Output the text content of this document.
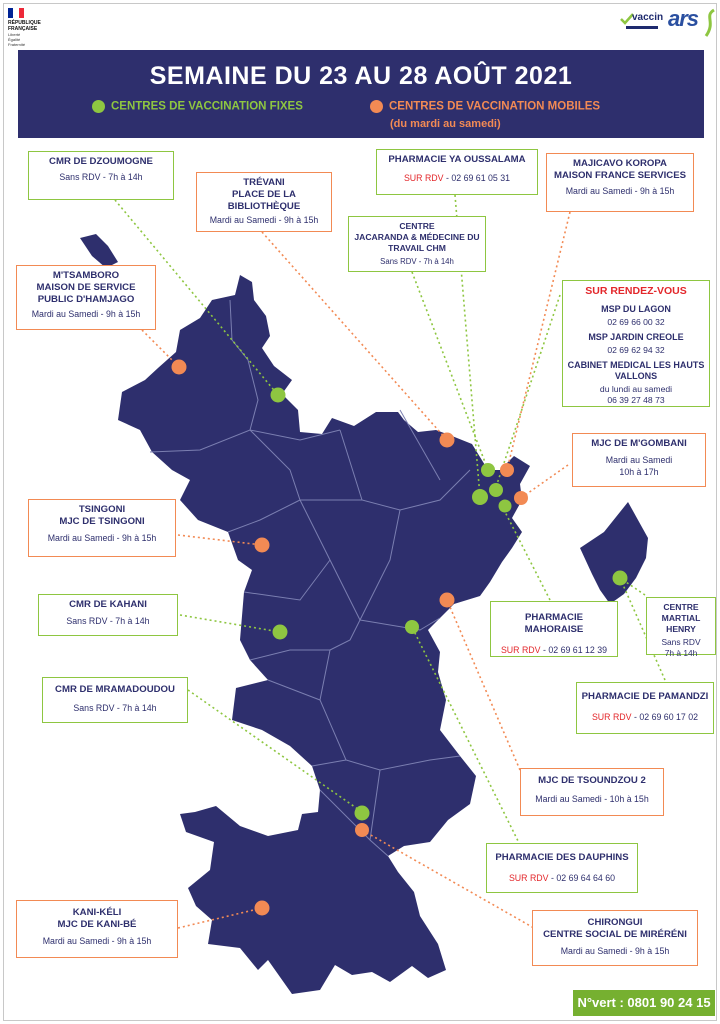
RÉPUBLIQUE
FRANÇAISE
Liberté
Égalité
Fraternité
vaccin ars
SEMAINE DU 23 AU 28 AOÛT 2021
CENTRES DE VACCINATION FIXES	CENTRES DE VACCINATION MOBILES
(du mardi au samedi)
CMR DE DZOUMOGNE
Sans RDV - 7h à 14h	TRÉVANI
PLACE DE LA
BIBLIOTHÈQUE
Mardi au Samedi - 9h à 15h
PHARMACIE YA OUSSALAMA
SUR RDV - 02 69 61 05 31
MAJICAVO KOROPA
MAISON FRANCE SERVICES
Mardi au Samedi - 9h à 15h
CENTRE
JACARANDA & MÉDECINE DU
TRAVAIL CHM
Sans RDV - 7h à 14h
M'TSAMBORO
MAISON DE SERVICE
PUBLIC D'HAMJAGO
Mardi au Samedi - 9h à 15h
SUR RENDEZ-VOUS
MSP DU LAGON
02 69 66 00 32
MSP JARDIN CREOLE
02 69 62 94 32
CABINET MEDICAL LES HAUTS
VALLONS
du lundi au samedi
06 39 27 48 73
MJC DE M'GOMBANI
Mardi au Samedi
10h à 17h
TSINGONI
MJC DE TSINGONI
Mardi au Samedi - 9h à 15h
CMR DE KAHANI
Sans RDV - 7h à 14h	PHARMACIE MAHORAISE
SUR RDV - 02 69 61 12 39
CENTRE
MARTIAL HENRY
Sans RDV
7h à 14h
PHARMACIE DE PAMANDZI
SUR RDV - 02 69 60 17 02
CMR DE MRAMADOUDOU
Sans RDV - 7h à 14h
MJC DE TSOUNDZOU 2
Mardi au Samedi - 10h à 15h
PHARMACIE DES DAUPHINS
SUR RDV - 02 69 64 64 60
KANI-KÉLI
MJC DE KANI-BÉ
Mardi au Samedi - 9h à 15h
CHIRONGUI
CENTRE SOCIAL DE MIRÉRÉNI
Mardi au Samedi - 9h à 15h
N°vert : 0801 90 24 15
